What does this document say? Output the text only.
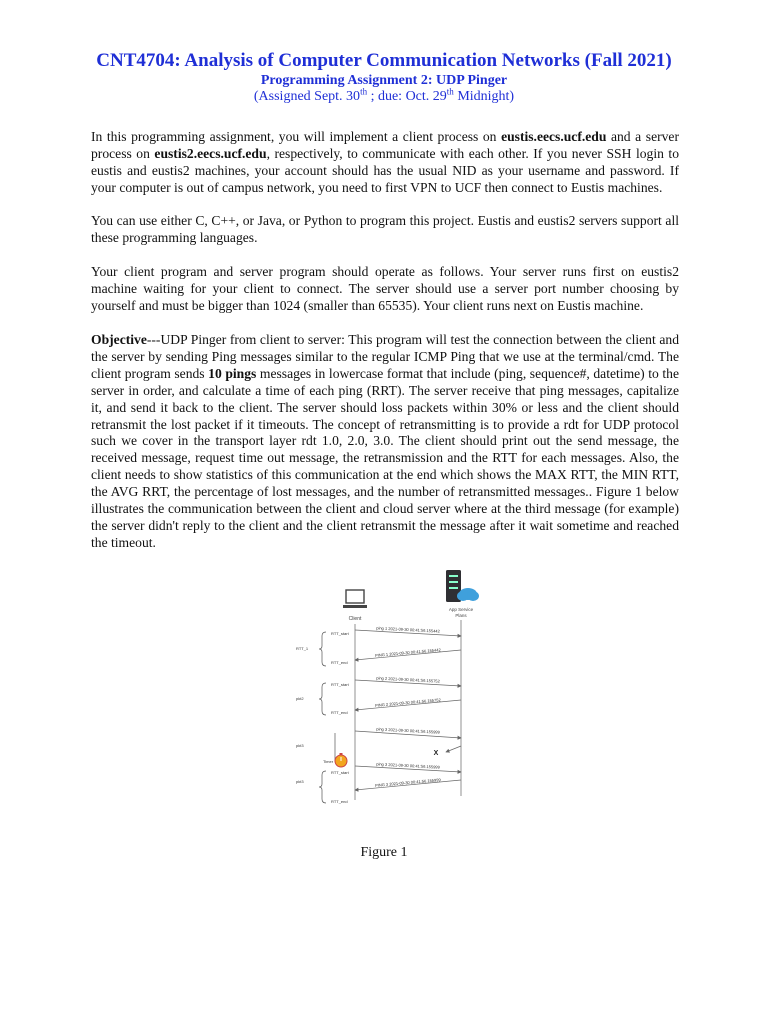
CNT4704: Analysis of Computer Communication Networks (Fall 2021)
Programming Assignment 2: UDP Pinger
(Assigned Sept. 30th ; due: Oct. 29th Midnight)

In this programming assignment, you will implement a client process on eustis.eecs.ucf.edu and a server process on eustis2.eecs.ucf.edu, respectively, to communicate with each other. If you never SSH login to eustis and eustis2 machines, your account should has the usual NID as your username and password. If your computer is out of campus network, you need to first VPN to UCF then connect to Eustis machines.

You can use either C, C++, or Java, or Python to program this project. Eustis and eustis2 servers support all these programming languages.

Your client program and server program should operate as follows. Your server runs first on eustis2 machine waiting for your client to connect. The server should use a server port number choosing by yourself and must be bigger than 1024 (smaller than 65535). Your client runs next on Eustis machine.

Objective---UDP Pinger from client to server: This program will test the connection between the client and the server by sending Ping messages similar to the regular ICMP Ping that we use at the terminal/cmd. The client program sends 10 pings messages in lowercase format that include (ping, sequence#, datetime) to the server in order, and calculate a time of each ping (RRT). The server receive that ping messages, capitalize it, and send it back to the client. The server should loss packets within 30% or less and the client should retransmit the lost packet if it timeouts. The concept of retransmitting is to provide a rdt for UDP protocol such we cover in the transport layer rdt 1.0, 2.0, 3.0. The client should print out the send message, the received message, request time out message, the retransmission and the RTT for each messages. Also, the client needs to show statistics of this communication at the end which shows the MAX RTT, the MIN RTT, the AVG RRT, the percentage of lost messages, and the number of retransmitted messages.. Figure 1 below illustrates the communication between the client and cloud server where at the third message (for example) the server didn't reply to the client and the client retransmit the message after it wait sometime and reached the timeout.

Client
App Service
Plans
ping 1 2021-09-30 00:41:56.155442
PING 1 2021-09-30 00:41:56.155442
ping 2 2021-09-30 00:41:56.155752
PING 2 2021-09-30 00:41:56.155752
ping 3 2021-09-30 00:41:56.155999
X
ping 3 2021-09-30 00:41:56.155999
PING 3 2021-09-30 00:41:56.155999
RTT_start
RTT_end
RTT_start
RTT_end
RTT_start
RTT_end
RTT_1
pkt2
pkt3
pkt3
Timer
Figure 1
